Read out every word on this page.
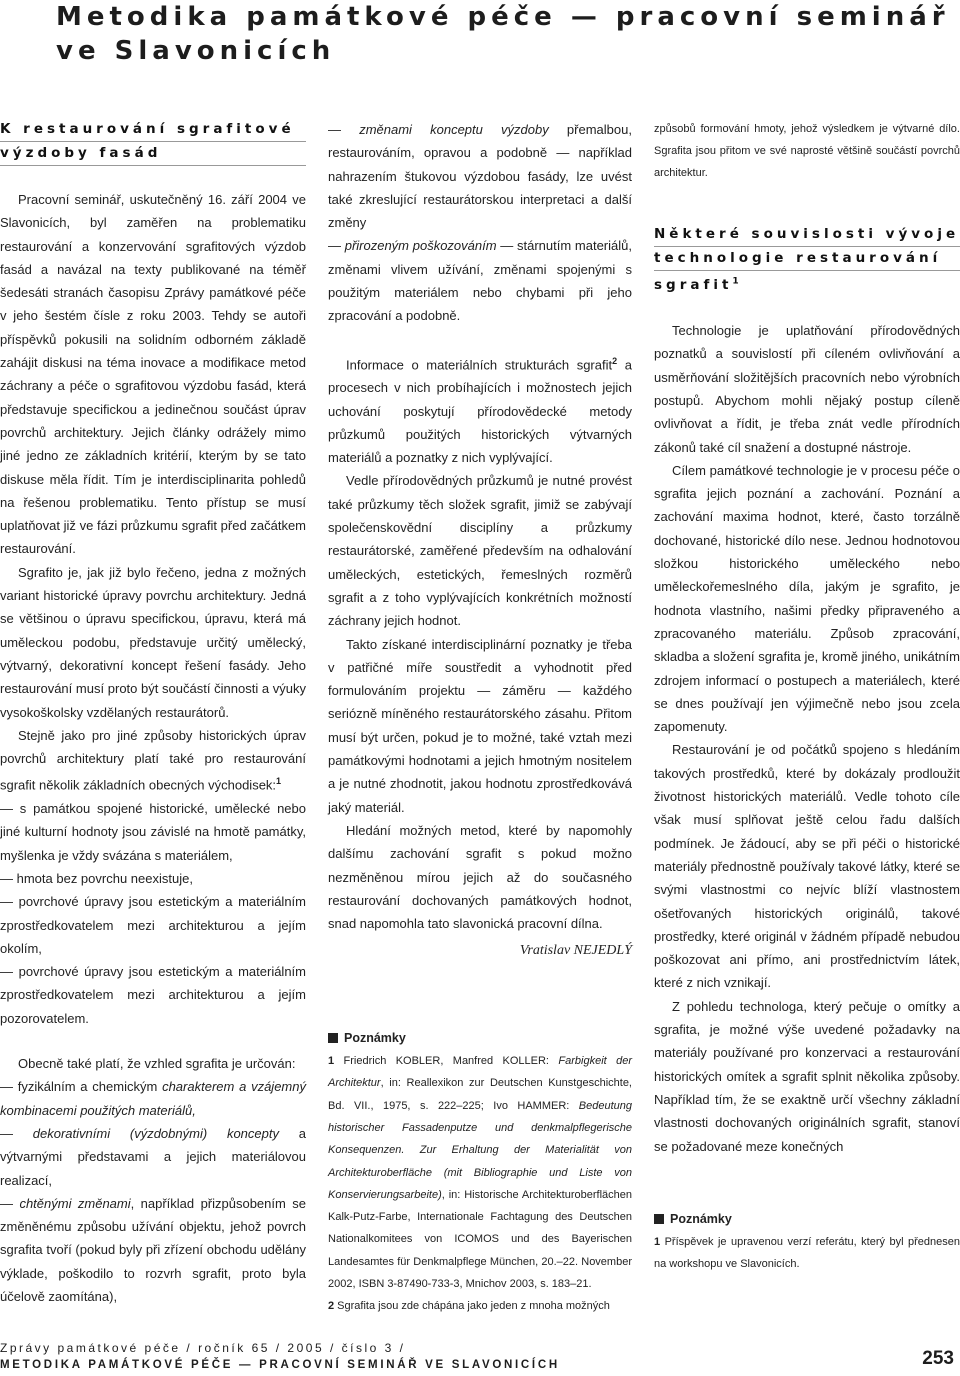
Metodika památkové péče — pracovní seminář
ve Slavonicích
K restaurování sgrafitové
výzdoby fasád

Pracovní seminář, uskutečněný 16. září 2004 ve Slavonicích, byl zaměřen na problematiku restaurování a konzervování sgrafitových výzdob fasád a navázal na texty publikované na téměř šedesáti stranách časopisu Zprávy památkové péče v jeho šestém čísle z roku 2003. Tehdy se autoři příspěvků pokusili na solidním odborném základě zahájit diskusi na téma inovace a modifikace metod záchrany a péče o sgrafitovou výzdobu fasád, která představuje specifickou a jedinečnou součást úprav povrchů architektury. Jejich články odrážely mimo jiné jedno ze základních kritérií, kterým by se tato diskuse měla řídit. Tím je interdisciplinarita pohledů na řešenou problematiku. Tento přístup se musí uplatňovat již ve fázi průzkumu sgrafit před začátkem restaurování.

Sgrafito je, jak již bylo řečeno, jedna z možných variant historické úpravy povrchu architektury. Jedná se většinou o úpravu specifickou, úpravu, která má uměleckou podobu, představuje určitý umělecký, výtvarný, dekorativní koncept řešení fasády. Jeho restaurování musí proto být součástí činnosti a výuky vysokoškolsky vzdělaných restaurátorů.

Stejně jako pro jiné způsoby historických úprav povrchů architektury platí také pro restaurování sgrafit několik základních obecných východisek:$^1$

— s památkou spojené historické, umělecké nebo jiné kulturní hodnoty jsou závislé na hmotě památky, myšlenka je vždy svázána s materiálem,

— hmota bez povrchu neexistuje,

— povrchové úpravy jsou estetickým a materiálním zprostředkovatelem mezi architekturou a jejím okolím,

— povrchové úpravy jsou estetickým a materiálním zprostředkovatelem mezi architekturou a jejím pozorovatelem.

Obecně také platí, že vzhled sgrafita je určován:

— fyzikálním a chemickým charakterem a vzájemný kombinacemi použitých materiálů,

— dekorativními (výzdobnými) koncepty a výtvarnými představami a jejich materiálovou realizací,

— chtěnými změnami, například přizpůsobením se změněnému způsobu užívání objektu, jehož povrch sgrafita tvoří (pokud byly při zřízení obchodu udělány výklade, poškodilo to rozvrh sgrafit, proto byla účelově zaomítána),

— změnami konceptu výzdoby přemalbou, restaurováním, opravou a podobně — například nahrazením štukovou výzdobou fasády, lze uvést také zkreslující restaurátorskou interpretaci a další změny

— přirozeným poškozováním — stárnutím materiálů, změnami vlivem užívání, změnami spojenými s použitým materiálem nebo chybami při jeho zpracování a podobně.

Informace o materiálních strukturách sgrafit$^2$ a procesech v nich probíhajících i možnostech jejich uchování poskytují přírodovědecké metody průzkumů použitých historických výtvarných materiálů a poznatky z nich vyplývající.

Vedle přírodovědných průzkumů je nutné provést také průzkumy těch složek sgrafit, jimiž se zabývají společenskovědní disciplíny a průzkumy restaurátorské, zaměřené především na odhalování uměleckých, estetických, řemeslných rozměrů sgrafit a z toho vyplývajících konkrétních možností záchrany jejich hodnot.

Takto získané interdisciplinární poznatky je třeba v patřičné míře soustředit a vyhodnotit před formulováním projektu — záměru — každého seriózně míněného restaurátorského zásahu. Přitom musí být určen, pokud je to možné, také vztah mezi památkovými hodnotami a jejich hmotným nositelem a je nutné zhodnotit, jakou hodnotu zprostředkovává jaký materiál.

Hledání možných metod, které by napomohly dalšímu zachování sgrafit s pokud možno nezměněnou mírou jejich až do současného restaurování dochovaných památkových hodnot, snad napomohla tato slavonická pracovní dílna.

Vratislav NEJEDLÝ
Poznámky
1 Friedrich KOBLER, Manfred KOLLER: Farbigkeit der Architektur, in: Reallexikon zur Deutschen Kunstgeschichte, Bd. VII., 1975, s. 222–225; Ivo HAMMER: Bedeutung historischer Fassadenputze und denkmalpflegerische Konsequenzen. Zur Erhaltung der Materialität von Architekturoberfläche (mit Bibliographie und Liste von Konservierungsarbeite), in: Historische Architekturoberflächen Kalk-Putz-Farbe, Internationale Fachtagung des Deutschen Nationalkomitees von ICOMOS und des Bayerischen Landesamtes für Denkmalpflege München, 20.–22. November 2002, ISBN 3-87490-733-3, Mnichov 2003, s. 183–21.
2 Sgrafita jsou zde chápána jako jeden z mnoha možných

způsobů formování hmoty, jehož výsledkem je výtvarné dílo. Sgrafita jsou přitom ve své naprosté většině součástí povrchů architektur.

Některé souvislosti vývoje
technologie restaurování
sgrafit$^1$

Technologie je uplatňování přírodovědných poznatků a souvislostí při cíleném ovlivňování a usměrňování složitějších pracovních nebo výrobních postupů. Abychom mohli nějaký postup cíleně ovlivňovat a řídit, je třeba znát vedle přírodních zákonů také cíl snažení a dostupné nástroje.

Cílem památkové technologie je v procesu péče o sgrafita jejich poznání a zachování. Poznání a zachování maxima hodnot, které, často torzálně dochované, historické dílo nese. Jednou hodnotovou složkou historického uměleckého nebo uměleckořemeslného díla, jakým je sgrafito, je hodnota vlastního, našimi předky připraveného a zpracovaného materiálu. Způsob zpracování, skladba a složení sgrafita je, kromě jiného, unikátním zdrojem informací o postupech a materiálech, které se dnes používají jen výjimečně nebo jsou zcela zapomenuty.

Restaurování je od počátků spojeno s hledáním takových prostředků, které by dokázaly prodloužit životnost historických materiálů. Vedle tohoto cíle však musí splňovat ještě celou řadu dalších podmínek. Je žádoucí, aby se při péči o historické materiály přednostně používaly takové látky, které se svými vlastnostmi co nejvíc blíží vlastnostem ošetřovaných historických originálů, takové prostředky, které originál v žádném případě nebudou poškozovat ani přímo, ani prostřednictvím látek, které z nich vznikají.

Z pohledu technologa, který pečuje o omítky a sgrafita, je možné výše uvedené požadavky na materiály používané pro konzervaci a restaurování historických omítek a sgrafit splnit několika způsoby. Například tím, že se exaktně určí všechny základní vlastnosti dochovaných originálních sgrafit, stanoví se požadované meze konečných

Poznámky
1 Příspěvek je upravenou verzí referátu, který byl přednesen na workshopu ve Slavonicích.
Zprávy památkové péče / ročník 65 / 2005 / číslo 3 /
METODIKA PAMÁTKOVÉ PÉČE — PRACOVNÍ SEMINÁŘ VE SLAVONICÍCH	253
